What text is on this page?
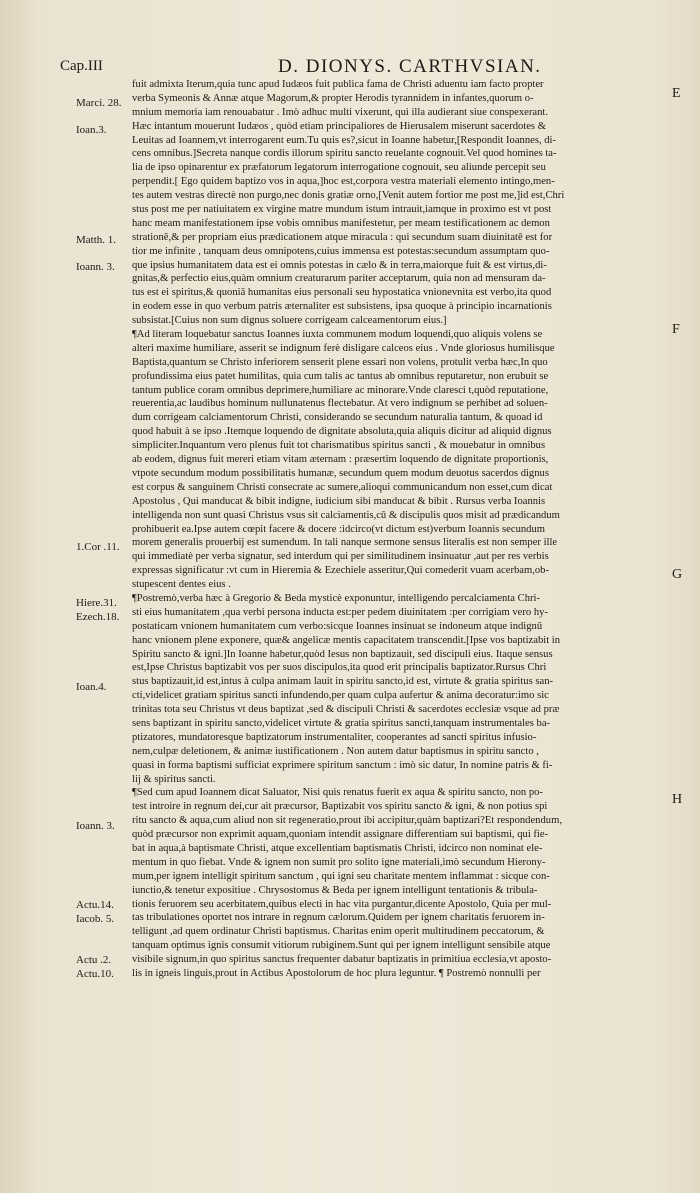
Cap.III	D. DIONYS. CARTHVSIAN.
E
F
G
H
Marci. 28.
Ioan.3.
Matth. 1.
Ioann. 3.
1.Cor .11.
Hiere.31.
Ezech.18.
Ioan.4.
Ioann. 3.
Actu.14.
Iacob. 5.
Actu .2.
Actu.10.
fuit admixta Iterum,quia tunc apud Iudæos fuit publica fama de Christi aduentu iam facto propter
verba Symeonis & Annæ atque Magorum,& propter Herodis tyrannidem in infantes,quorum o-
mnium memoria iam renouabatur . Imò adhuc multi vixerunt, qui illa audierant siue conspexerant.
Hæc intantum mouerunt Iudæos , quòd etiam principaliores de Hierusalem miserunt sacerdotes &
Leuitas ad Ioannem,vt interrogarent eum.Tu quis es?,sicut in Ioanne habetur,[Respondit Ioannes, di-
cens omnibus.]Secreta nanque cordis illorum spiritu sancto reuelante cognouit.Vel quod homines ta-
lia de ipso opinarentur ex præfatorum legatorum interrogatione cognouit, seu aliunde percepit seu
perpendit.[ Ego quidem baptizo vos in aqua,]hoc est,corpora vestra materiali elemento intingo,men-
tes autem vestras directè non purgo,nec donis gratiæ orno,[Venit autem fortior me post me,]id est,Chri
stus post me per natiuitatem ex virgine matre mundum istum intrauit,iamque in proximo est vt post
hanc meam manifestationem ipse vobis omnibus manifestetur, per meam testificationem ac demon
strationē,& per propriam eius prædicationem atque miracula : qui secundum suam diuinitatē est for
tior me infinite , tanquam deus omnipotens,cuius immensa est potestas:secundum assumptam quo-
que ipsius humanitatem data est ei omnis potestas in cælo & in terra,maiorque fuit & est virtus,di-
gnitas,& perfectio eius,quàm omnium creaturarum pariter acceptarum, quia non ad mensuram da-
tus est ei spiritus,& quoniā humanitas eius personali seu hypostatica vnionevnita est verbo,ita quod
in eodem esse in quo verbum patris æternaliter est subsistens, ipsa quoque à principio incarnationis
subsistat.[Cuius non sum dignus soluere corrigeam calceamentorum eius.]
¶Ad literam loquebatur sanctus Ioannes iuxta communem modum loquendi,quo aliquis volens se
alteri maxime humiliare, asserit se indignum ferè disligare calceos eius . Vnde gloriosus humilisque
Baptista,quantum se Christo inferiorem senserit plene essari non volens, protulit verba hæc,In quo
profundissima eius patet humilitas, quia cum talis ac tantus ab omnibus reputaretur, non erubuit se
tantum publice coram omnibus deprimere,humiliare ac minorare.Vnde claresci t,quòd reputatione,
reuerentia,ac laudibus hominum nullunatenus flectebatur. At vero indignum se perhibet ad soluen-
dum corrigeam calciamentorum Christi, considerando se secundum naturalia tantum, & quoad id
quod habuit à se ipso .Itemque loquendo de dignitate absoluta,quia aliquis dicitur ad aliquid dignus
simpliciter.Inquantum vero plenus fuit tot charismatibus spiritus sancti , & mouebatur in omnibus
ab eodem, dignus fuit mereri etiam vitam æternam : præsertim loquendo de dignitate proportionis,
vtpote secundum modum possibilitatis humanæ, secundum quem modum deuotus sacerdos dignus
est corpus & sanguinem Christi consecrate ac sumere,alioqui communicandum non esset,cum dicat
Apostolus , Qui manducat & bibit indigne, iudicium sibi manducat & bibit . Rursus verba Ioannis
intelligenda non sunt quasi Christus vsus sit calciamentis,cū & discipulis quos misit ad prædicandum
prohibuerit ea.Ipse autem cœpit facere & docere :idcirco(vt dictum est)verbum Ioannis secundum
morem generalis prouerbij est sumendum. In tali nanque sermone sensus literalis est non semper ille
qui immediatè per verba signatur, sed interdum qui per similitudinem insinuatur ,aut per res verbis
expressas significatur :vt cum in Hieremia & Ezechiele asseritur,Qui comederit vuam acerbam,ob-
stupescent dentes eius .
¶Postremò,verba hæc à Gregorio & Beda mysticè exponuntur, intelligendo percalciamenta Chri-
sti eius humanitatem ,qua verbi persona inducta est:per pedem diuinitatem :per corrigiam vero hy-
postaticam vnionem humanitatem cum verbo:sicque Ioannes insinuat se indoneum atque indignū
hanc vnionem plene exponere, quæ& angelicæ mentis capacitatem transcendit.[Ipse vos baptizabit in
Spiritu sancto & igni.]In Ioanne habetur,quòd Iesus non baptizauit, sed discipuli eius. Itaque sensus
est,Ipse Christus baptizabit vos per suos discipulos,ita quod erit principalis baptizator.Rursus Chri
stus baptizauit,id est,intus à culpa animam lauit in spiritu sancto,id est, virtute & gratia spiritus san-
cti,videlicet gratiam spiritus sancti infundendo,per quam culpa aufertur & anima decoratur:imo sic
trinitas tota seu Christus vt deus baptizat ,sed & discipuli Christi & sacerdotes ecclesiæ vsque ad præ
sens baptizant in spiritu sancto,videlicet virtute & gratia spiritus sancti,tanquam instrumentales ba-
ptizatores, mundatoresque baptizatorum instrumentaliter, cooperantes ad sancti spiritus infusio-
nem,culpæ deletionem, & animæ iustificationem . Non autem datur baptismus in spiritu sancto ,
quasi in forma baptismi sufficiat exprimere spiritum sanctum : imò sic datur, In nomine patris & fi-
lij & spiritus sancti.
¶Sed cum apud Ioannem dicat Saluator, Nisi quis renatus fuerit ex aqua & spiritu sancto, non po-
test introire in regnum dei,cur ait præcursor, Baptizabit vos spiritu sancto & igni, & non potius spi
ritu sancto & aqua,cum aliud non sit regeneratio,prout ibi accipitur,quàm baptizari?Et respondendum,
quòd præcursor non exprimit aquam,quoniam intendit assignare differentiam sui baptismi, qui fie-
bat in aqua,à baptismate Christi, atque excellentiam baptismatis Christi, idcirco non nominat ele-
mentum in quo fiebat. Vnde & ignem non sumit pro solito igne materiali,imò secundum Hierony-
mum,per ignem intelligit spiritum sanctum , qui igni seu charitate mentem inflammat : sicque con-
iunctio,& tenetur expositiue . Chrysostomus & Beda per ignem intelligunt tentationis & tribula-
tionis feruorem seu acerbitatem,quibus electi in hac vita purgantur,dicente Apostolo, Quia per mul-
tas tribulationes oportet nos intrare in regnum cælorum.Quidem per ignem charitatis feruorem in-
telligunt ,ad quem ordinatur Christi baptismus. Charitas enim operit multitudinem peccatorum, &
tanquam optimus ignis consumit vitiorum rubiginem.Sunt qui per ignem intelligunt sensibile atque
visibile signum,in quo spiritus sanctus frequenter dabatur baptizatis in primitiua ecclesia,vt aposto-
lis in igneis linguis,prout in Actibus Apostolorum de hoc plura leguntur. ¶ Postremò nonnulli per
